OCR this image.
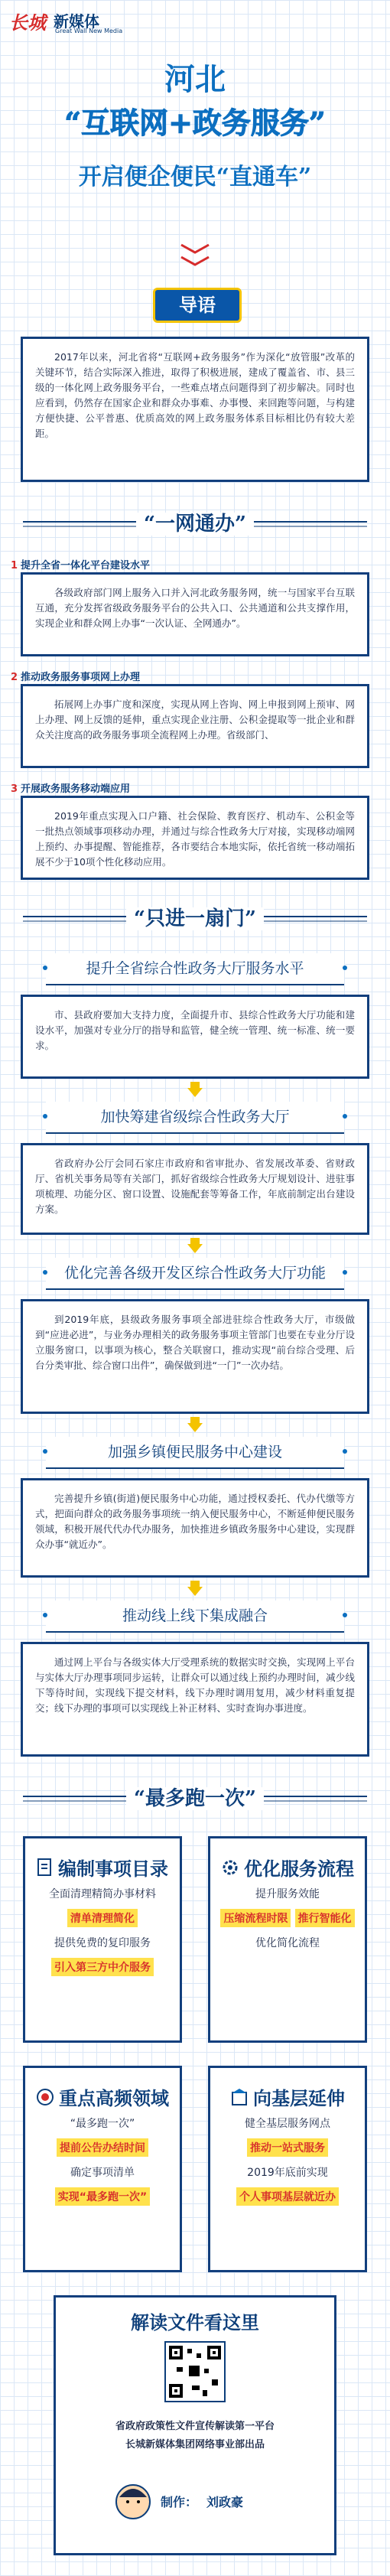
长城 新媒体
Great Wall New Media
河北
“互联网+政务服务”
开启便企便民“直通车”
导语

2017年以来，河北省将“互联网+政务服务”作为深化“放管服”改革的关键环节，结合实际深入推进，取得了积极进展，建成了覆盖省、市、县三级的一体化网上政务服务平台，一些难点堵点问题得到了初步解决。同时也应看到，仍然存在国家企业和群众办事难、办事慢、来回跑等问题，与构建方便快捷、公平普惠、优质高效的网上政务服务体系目标相比仍有较大差距。

“一网通办”
1 提升全省一体化平台建设水平

各级政府部门网上服务入口并入河北政务服务网，统一与国家平台互联互通，充分发挥省级政务服务平台的公共入口、公共通道和公共支撑作用，实现企业和群众网上办事“一次认证、全网通办”。

2 推动政务服务事项网上办理

拓展网上办事广度和深度，实现从网上咨询、网上申报到网上预审、网上办理、网上反馈的延伸，重点实现企业注册、公积金提取等一批企业和群众关注度高的政务服务事项全流程网上办理。省级部门、

3 开展政务服务移动端应用

2019年重点实现入口户籍、社会保险、教育医疗、机动车、公积金等一批热点领域事项移动办理，并通过与综合性政务大厅对接，实现移动端网上预约、办事提醒、智能推荐，各市要结合本地实际，依托省统一移动端拓展不少于10项个性化移动应用。

“只进一扇门”
提升全省综合性政务大厅服务水平

市、县政府要加大支持力度，全面提升市、县综合性政务大厅功能和建设水平，加强对专业分厅的指导和监管，健全统一管理、统一标准、统一要求。

加快筹建省级综合性政务大厅

省政府办公厅会同石家庄市政府和省审批办、省发展改革委、省财政厅、省机关事务局等有关部门，抓好省级综合性政务大厅规划设计、进驻事项梳理、功能分区、窗口设置、设施配套等筹备工作，年底前制定出台建设方案。

优化完善各级开发区综合性政务大厅功能

到2019年底，县级政务服务事项全部进驻综合性政务大厅，市级做到“应进必进”，与业务办理相关的政务服务事项主管部门也要在专业分厅设立服务窗口，以事项为核心，整合关联窗口，推动实现“前台综合受理、后台分类审批、综合窗口出件”，确保做到进“一门”一次办结。

加强乡镇便民服务中心建设

完善提升乡镇(街道)便民服务中心功能，通过授权委托、代办代缴等方式，把面向群众的政务服务事项统一纳入便民服务中心，不断延伸便民服务领域，积极开展代代办代办服务，加快推进乡镇政务服务中心建设，实现群众办事“就近办”。

推动线上线下集成融合

通过网上平台与各级实体大厅受理系统的数据实时交换，实现网上平台与实体大厅办理事项同步运转，让群众可以通过线上预约办理时间，减少线下等待时间，实现线下提交材料，线下办理时调用复用，减少材料重复提交；线下办理的事项可以实现线上补正材料、实时查询办事进度。

“最多跑一次”
编制事项目录
全面清理精简办事材料
清单清理简化
提供免费的复印服务
引入第三方中介服务
优化服务流程
提升服务效能
压缩流程时限 推行智能化
优化简化流程
重点高频领域
“最多跑一次”
提前公告办结时间
确定事项清单
实现“最多跑一次”
向基层延伸
健全基层服务网点
推动一站式服务
2019年底前实现
个人事项基层就近办
解读文件看这里
省政府政策性文件宣传解读第一平台
长城新媒体集团网络事业部出品
制作： 刘政豪
